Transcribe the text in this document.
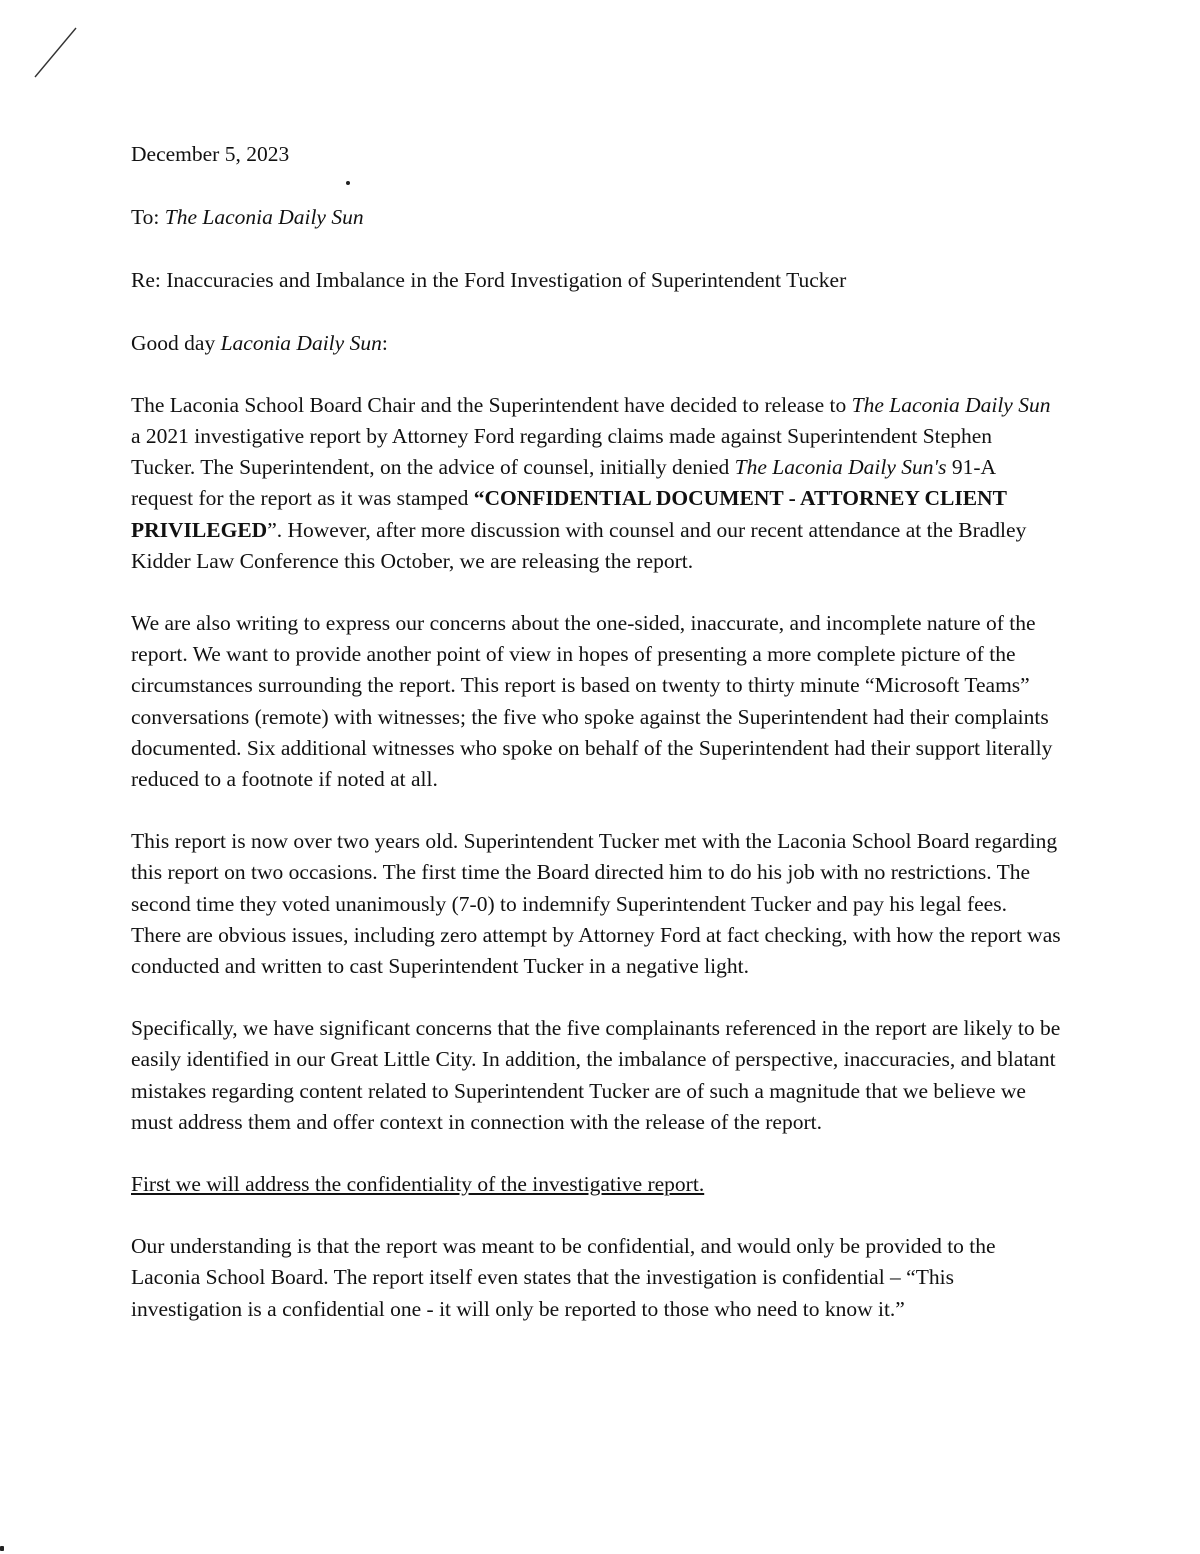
December 5, 2023

To: The Laconia Daily Sun

Re: Inaccuracies and Imbalance in the Ford Investigation of Superintendent Tucker

Good day Laconia Daily Sun:

The Laconia School Board Chair and the Superintendent have decided to release to The Laconia Daily Sun a 2021 investigative report by Attorney Ford regarding claims made against Superintendent Stephen Tucker. The Superintendent, on the advice of counsel, initially denied The Laconia Daily Sun's 91-A request for the report as it was stamped “CONFIDENTIAL DOCUMENT - ATTORNEY CLIENT PRIVILEGED”. However, after more discussion with counsel and our recent attendance at the Bradley Kidder Law Conference this October, we are releasing the report.

We are also writing to express our concerns about the one-sided, inaccurate, and incomplete nature of the report. We want to provide another point of view in hopes of presenting a more complete picture of the circumstances surrounding the report. This report is based on twenty to thirty minute “Microsoft Teams” conversations (remote) with witnesses; the five who spoke against the Superintendent had their complaints documented. Six additional witnesses who spoke on behalf of the Superintendent had their support literally reduced to a footnote if noted at all.

This report is now over two years old. Superintendent Tucker met with the Laconia School Board regarding this report on two occasions. The first time the Board directed him to do his job with no restrictions. The second time they voted unanimously (7-0) to indemnify Superintendent Tucker and pay his legal fees. There are obvious issues, including zero attempt by Attorney Ford at fact checking, with how the report was conducted and written to cast Superintendent Tucker in a negative light.

Specifically, we have significant concerns that the five complainants referenced in the report are likely to be easily identified in our Great Little City. In addition, the imbalance of perspective, inaccuracies, and blatant mistakes regarding content related to Superintendent Tucker are of such a magnitude that we believe we must address them and offer context in connection with the release of the report.

First we will address the confidentiality of the investigative report.

Our understanding is that the report was meant to be confidential, and would only be provided to the Laconia School Board. The report itself even states that the investigation is confidential – “This investigation is a confidential one - it will only be reported to those who need to know it.”
